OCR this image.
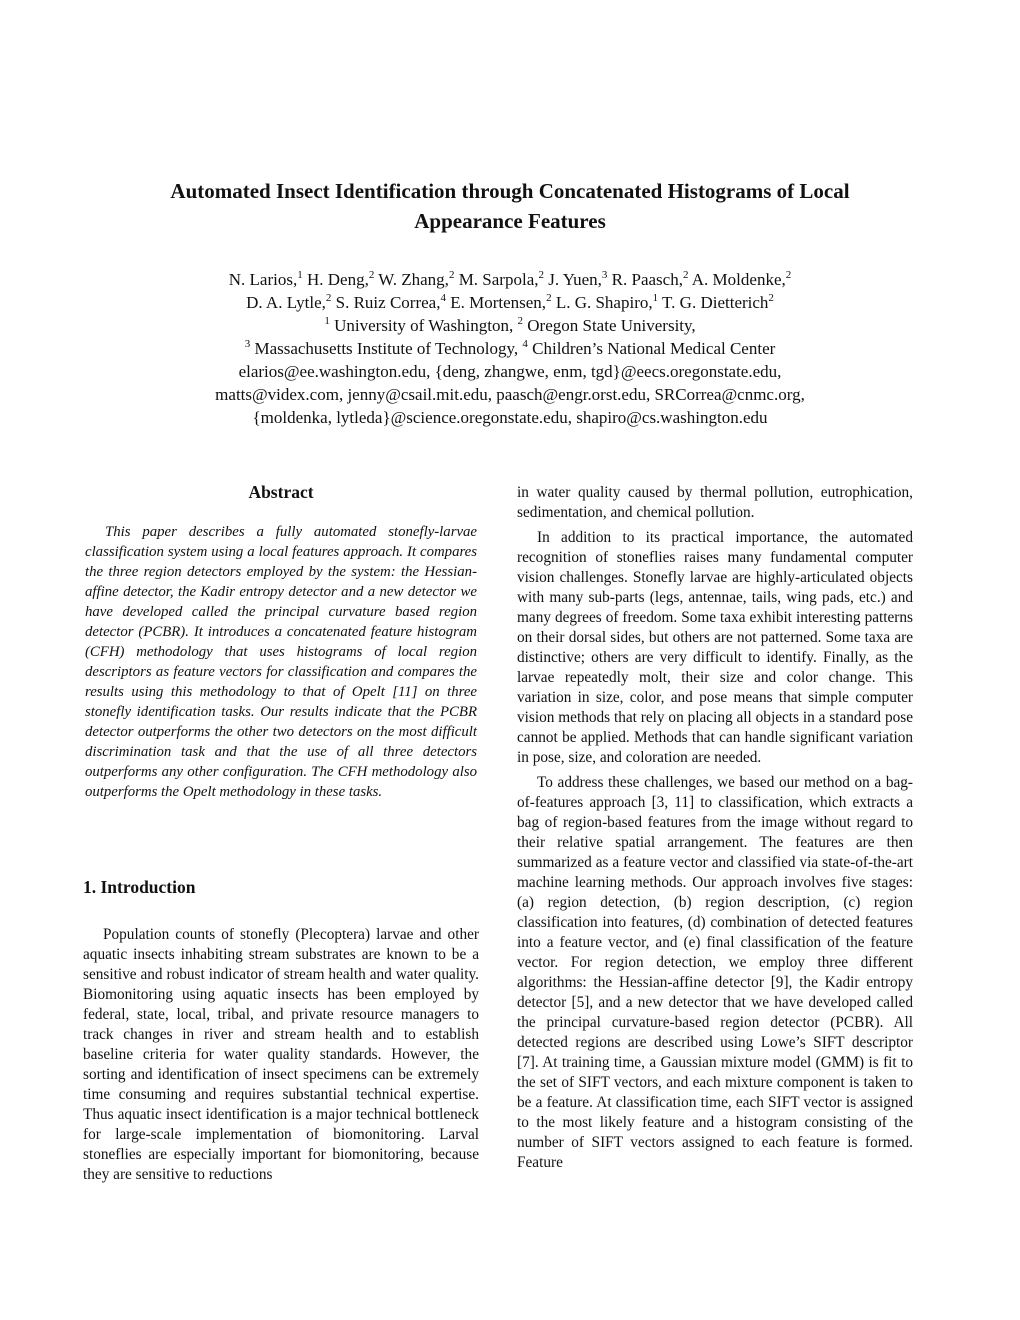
Automated Insect Identification through Concatenated Histograms of Local
Appearance Features
N. Larios,$^1$ H. Deng,$^2$ W. Zhang,$^2$ M. Sarpola,$^2$ J. Yuen,$^3$ R. Paasch,$^2$ A. Moldenke,$^2$
D. A. Lytle,$^2$ S. Ruiz Correa,$^4$ E. Mortensen,$^2$ L. G. Shapiro,$^1$ T. G. Dietterich$^2$
$^1$ University of Washington, $^2$ Oregon State University,
$^3$ Massachusetts Institute of Technology, $^4$ Children’s National Medical Center
elarios@ee.washington.edu, {deng, zhangwe, enm, tgd}@eecs.oregonstate.edu,
matts@videx.com, jenny@csail.mit.edu, paasch@engr.orst.edu, SRCorrea@cnmc.org,
{moldenka, lytleda}@science.oregonstate.edu, shapiro@cs.washington.edu
Abstract

This paper describes a fully automated stonefly-larvae classification system using a local features approach. It compares the three region detectors employed by the system: the Hessian-affine detector, the Kadir entropy detector and a new detector we have developed called the principal curvature based region detector (PCBR). It introduces a concatenated feature histogram (CFH) methodology that uses histograms of local region descriptors as feature vectors for classification and compares the results using this methodology to that of Opelt [11] on three stonefly identification tasks. Our results indicate that the PCBR detector outperforms the other two detectors on the most difficult discrimination task and that the use of all three detectors outperforms any other configuration. The CFH methodology also outperforms the Opelt methodology in these tasks.

1. Introduction

Population counts of stonefly (Plecoptera) larvae and other aquatic insects inhabiting stream substrates are known to be a sensitive and robust indicator of stream health and water quality. Biomonitoring using aquatic insects has been employed by federal, state, local, tribal, and private resource managers to track changes in river and stream health and to establish baseline criteria for water quality standards. However, the sorting and identification of insect specimens can be extremely time consuming and requires substantial technical expertise. Thus aquatic insect identification is a major technical bottleneck for large-scale implementation of biomonitoring. Larval stoneflies are especially important for biomonitoring, because they are sensitive to reductions

in water quality caused by thermal pollution, eutrophication, sedimentation, and chemical pollution.

In addition to its practical importance, the automated recognition of stoneflies raises many fundamental computer vision challenges. Stonefly larvae are highly-articulated objects with many sub-parts (legs, antennae, tails, wing pads, etc.) and many degrees of freedom. Some taxa exhibit interesting patterns on their dorsal sides, but others are not patterned. Some taxa are distinctive; others are very difficult to identify. Finally, as the larvae repeatedly molt, their size and color change. This variation in size, color, and pose means that simple computer vision methods that rely on placing all objects in a standard pose cannot be applied. Methods that can handle significant variation in pose, size, and coloration are needed.

To address these challenges, we based our method on a bag-of-features approach [3, 11] to classification, which extracts a bag of region-based features from the image without regard to their relative spatial arrangement. The features are then summarized as a feature vector and classified via state-of-the-art machine learning methods. Our approach involves five stages: (a) region detection, (b) region description, (c) region classification into features, (d) combination of detected features into a feature vector, and (e) final classification of the feature vector. For region detection, we employ three different algorithms: the Hessian-affine detector [9], the Kadir entropy detector [5], and a new detector that we have developed called the principal curvature-based region detector (PCBR). All detected regions are described using Lowe’s SIFT descriptor [7]. At training time, a Gaussian mixture model (GMM) is fit to the set of SIFT vectors, and each mixture component is taken to be a feature. At classification time, each SIFT vector is assigned to the most likely feature and a histogram consisting of the number of SIFT vectors assigned to each feature is formed. Feature
